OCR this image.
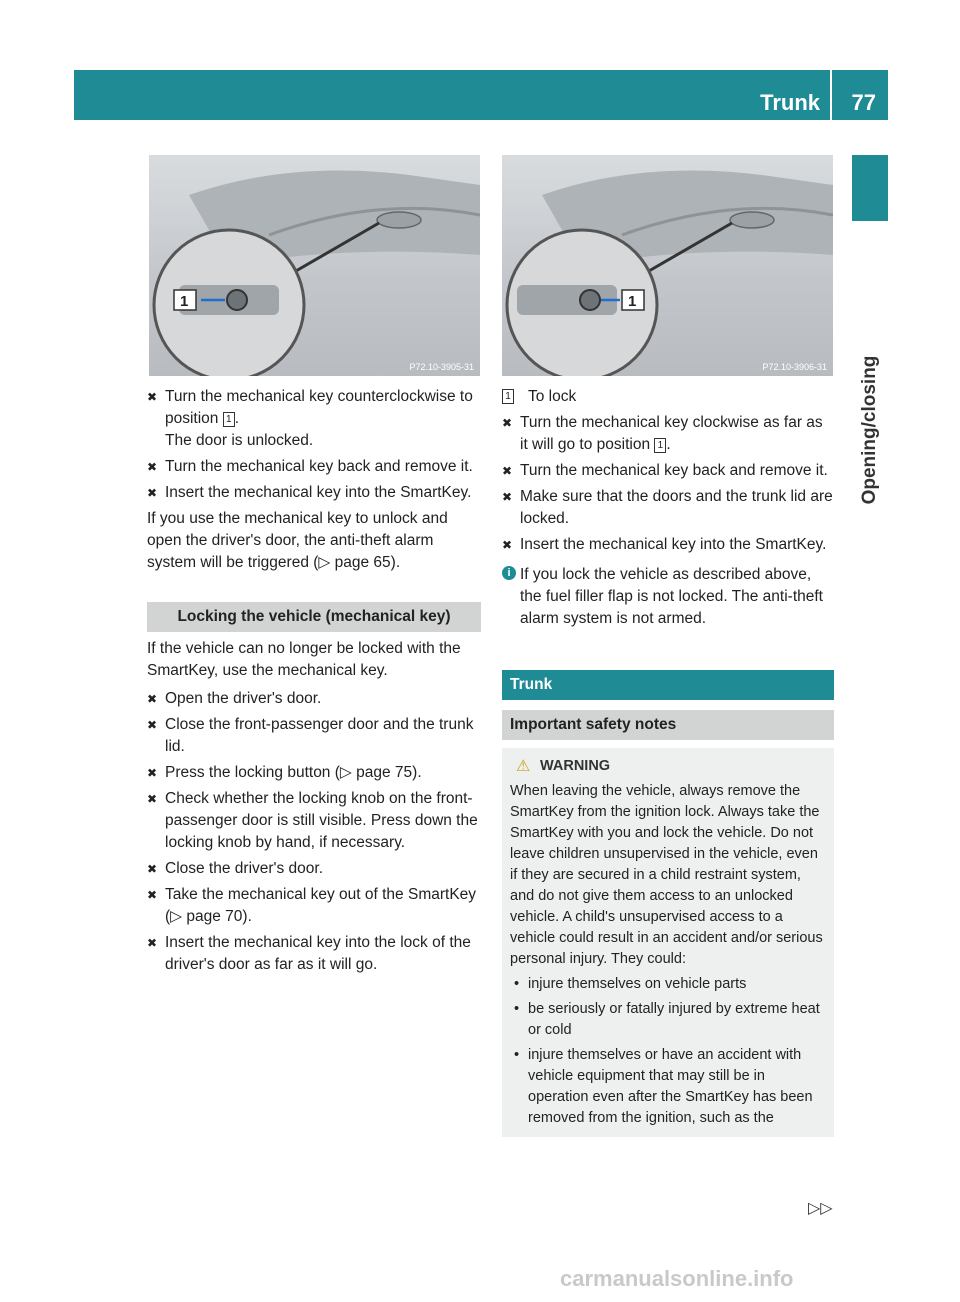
Trunk 77
Opening/closing
1
P72.10-3905-31
1
P72.10-3906-31
✖ Turn the mechanical key counterclockwise to position 1 .
The door is unlocked.
✖ Turn the mechanical key back and remove it.
✖ Insert the mechanical key into the SmartKey.

If you use the mechanical key to unlock and open the driver's door, the anti-theft alarm system will be triggered (▷ page 65).

Locking the vehicle (mechanical key)

If the vehicle can no longer be locked with the SmartKey, use the mechanical key.

✖ Open the driver's door.
✖ Close the front-passenger door and the trunk lid.
✖ Press the locking button (▷ page 75).
✖ Check whether the locking knob on the front-passenger door is still visible. Press down the locking knob by hand, if necessary.
✖ Close the driver's door.
✖ Take the mechanical key out of the SmartKey (▷ page 70).
✖ Insert the mechanical key into the lock of the driver's door as far as it will go.
1 To lock
✖ Turn the mechanical key clockwise as far as it will go to position 1 .
✖ Turn the mechanical key back and remove it.
✖ Make sure that the doors and the trunk lid are locked.
✖ Insert the mechanical key into the SmartKey.
i If you lock the vehicle as described above, the fuel filler flap is not locked. The anti-theft alarm system is not armed.

Trunk

Important safety notes

⚠ WARNING

When leaving the vehicle, always remove the SmartKey from the ignition lock. Always take the SmartKey with you and lock the vehicle. Do not leave children unsupervised in the vehicle, even if they are secured in a child restraint system, and do not give them access to an unlocked vehicle. A child's unsupervised access to a vehicle could result in an accident and/or serious personal injury. They could:

• injure themselves on vehicle parts
• be seriously or fatally injured by extreme heat or cold
• injure themselves or have an accident with vehicle equipment that may still be in operation even after the SmartKey has been removed from the ignition, such as the
▷▷
carmanualsonline.info
